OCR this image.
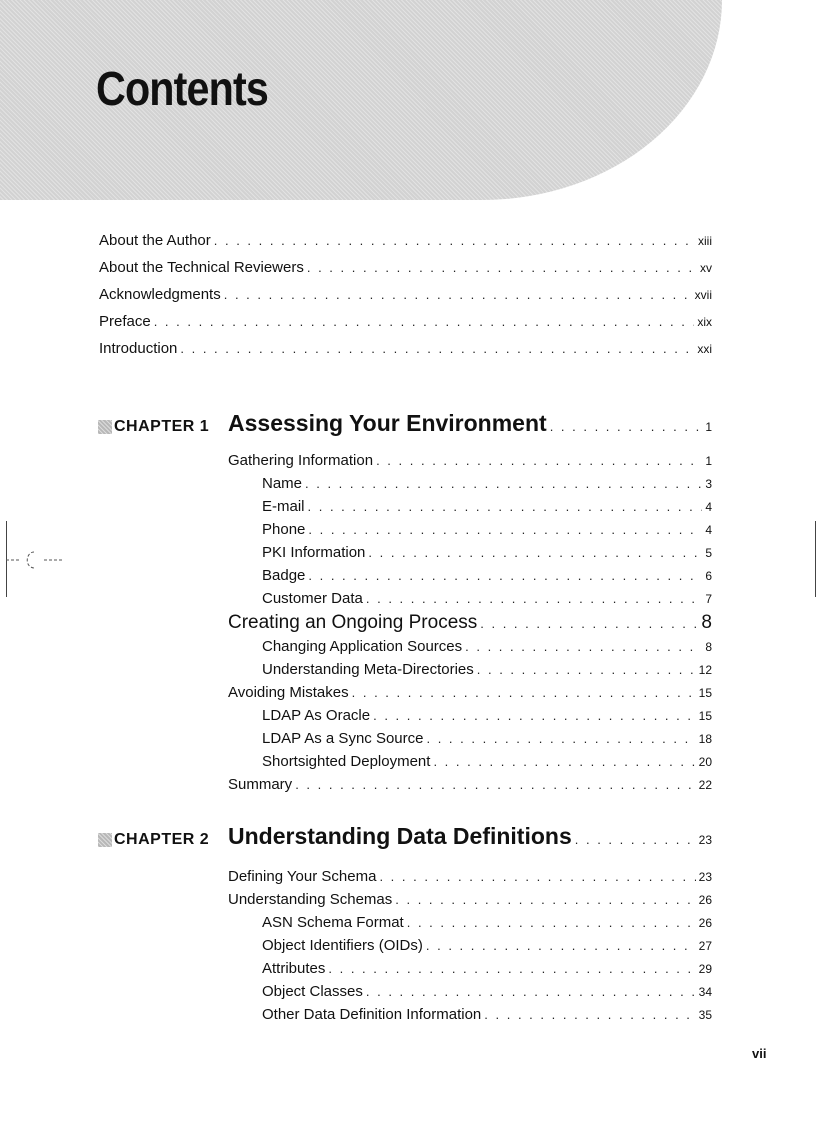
Contents
About the Author . . .	xiii
About the Technical Reviewers . . .	xv
Acknowledgments . . .	xvii
Preface . . .	xix
Introduction . . .	xxi
CHAPTER 1 Assessing Your Environment . . .	1
Gathering Information . . .	1
Name . . .	3
E-mail . . .	4
Phone . . .	4
PKI Information . . .	5
Badge . . .	6
Customer Data . . .	7
Creating an Ongoing Process . . .	8
Changing Application Sources . . .	8
Understanding Meta-Directories . . .	12
Avoiding Mistakes . . .	15
LDAP As Oracle . . .	15
LDAP As a Sync Source . . .	18
Shortsighted Deployment . . .	20
Summary . . .	22
CHAPTER 2 Understanding Data Definitions . . .	23
Defining Your Schema . . .	23
Understanding Schemas . . .	26
ASN Schema Format . . .	26
Object Identifiers (OIDs) . . .	27
Attributes . . .	29
Object Classes . . .	34
Other Data Definition Information . . .	35
vii
